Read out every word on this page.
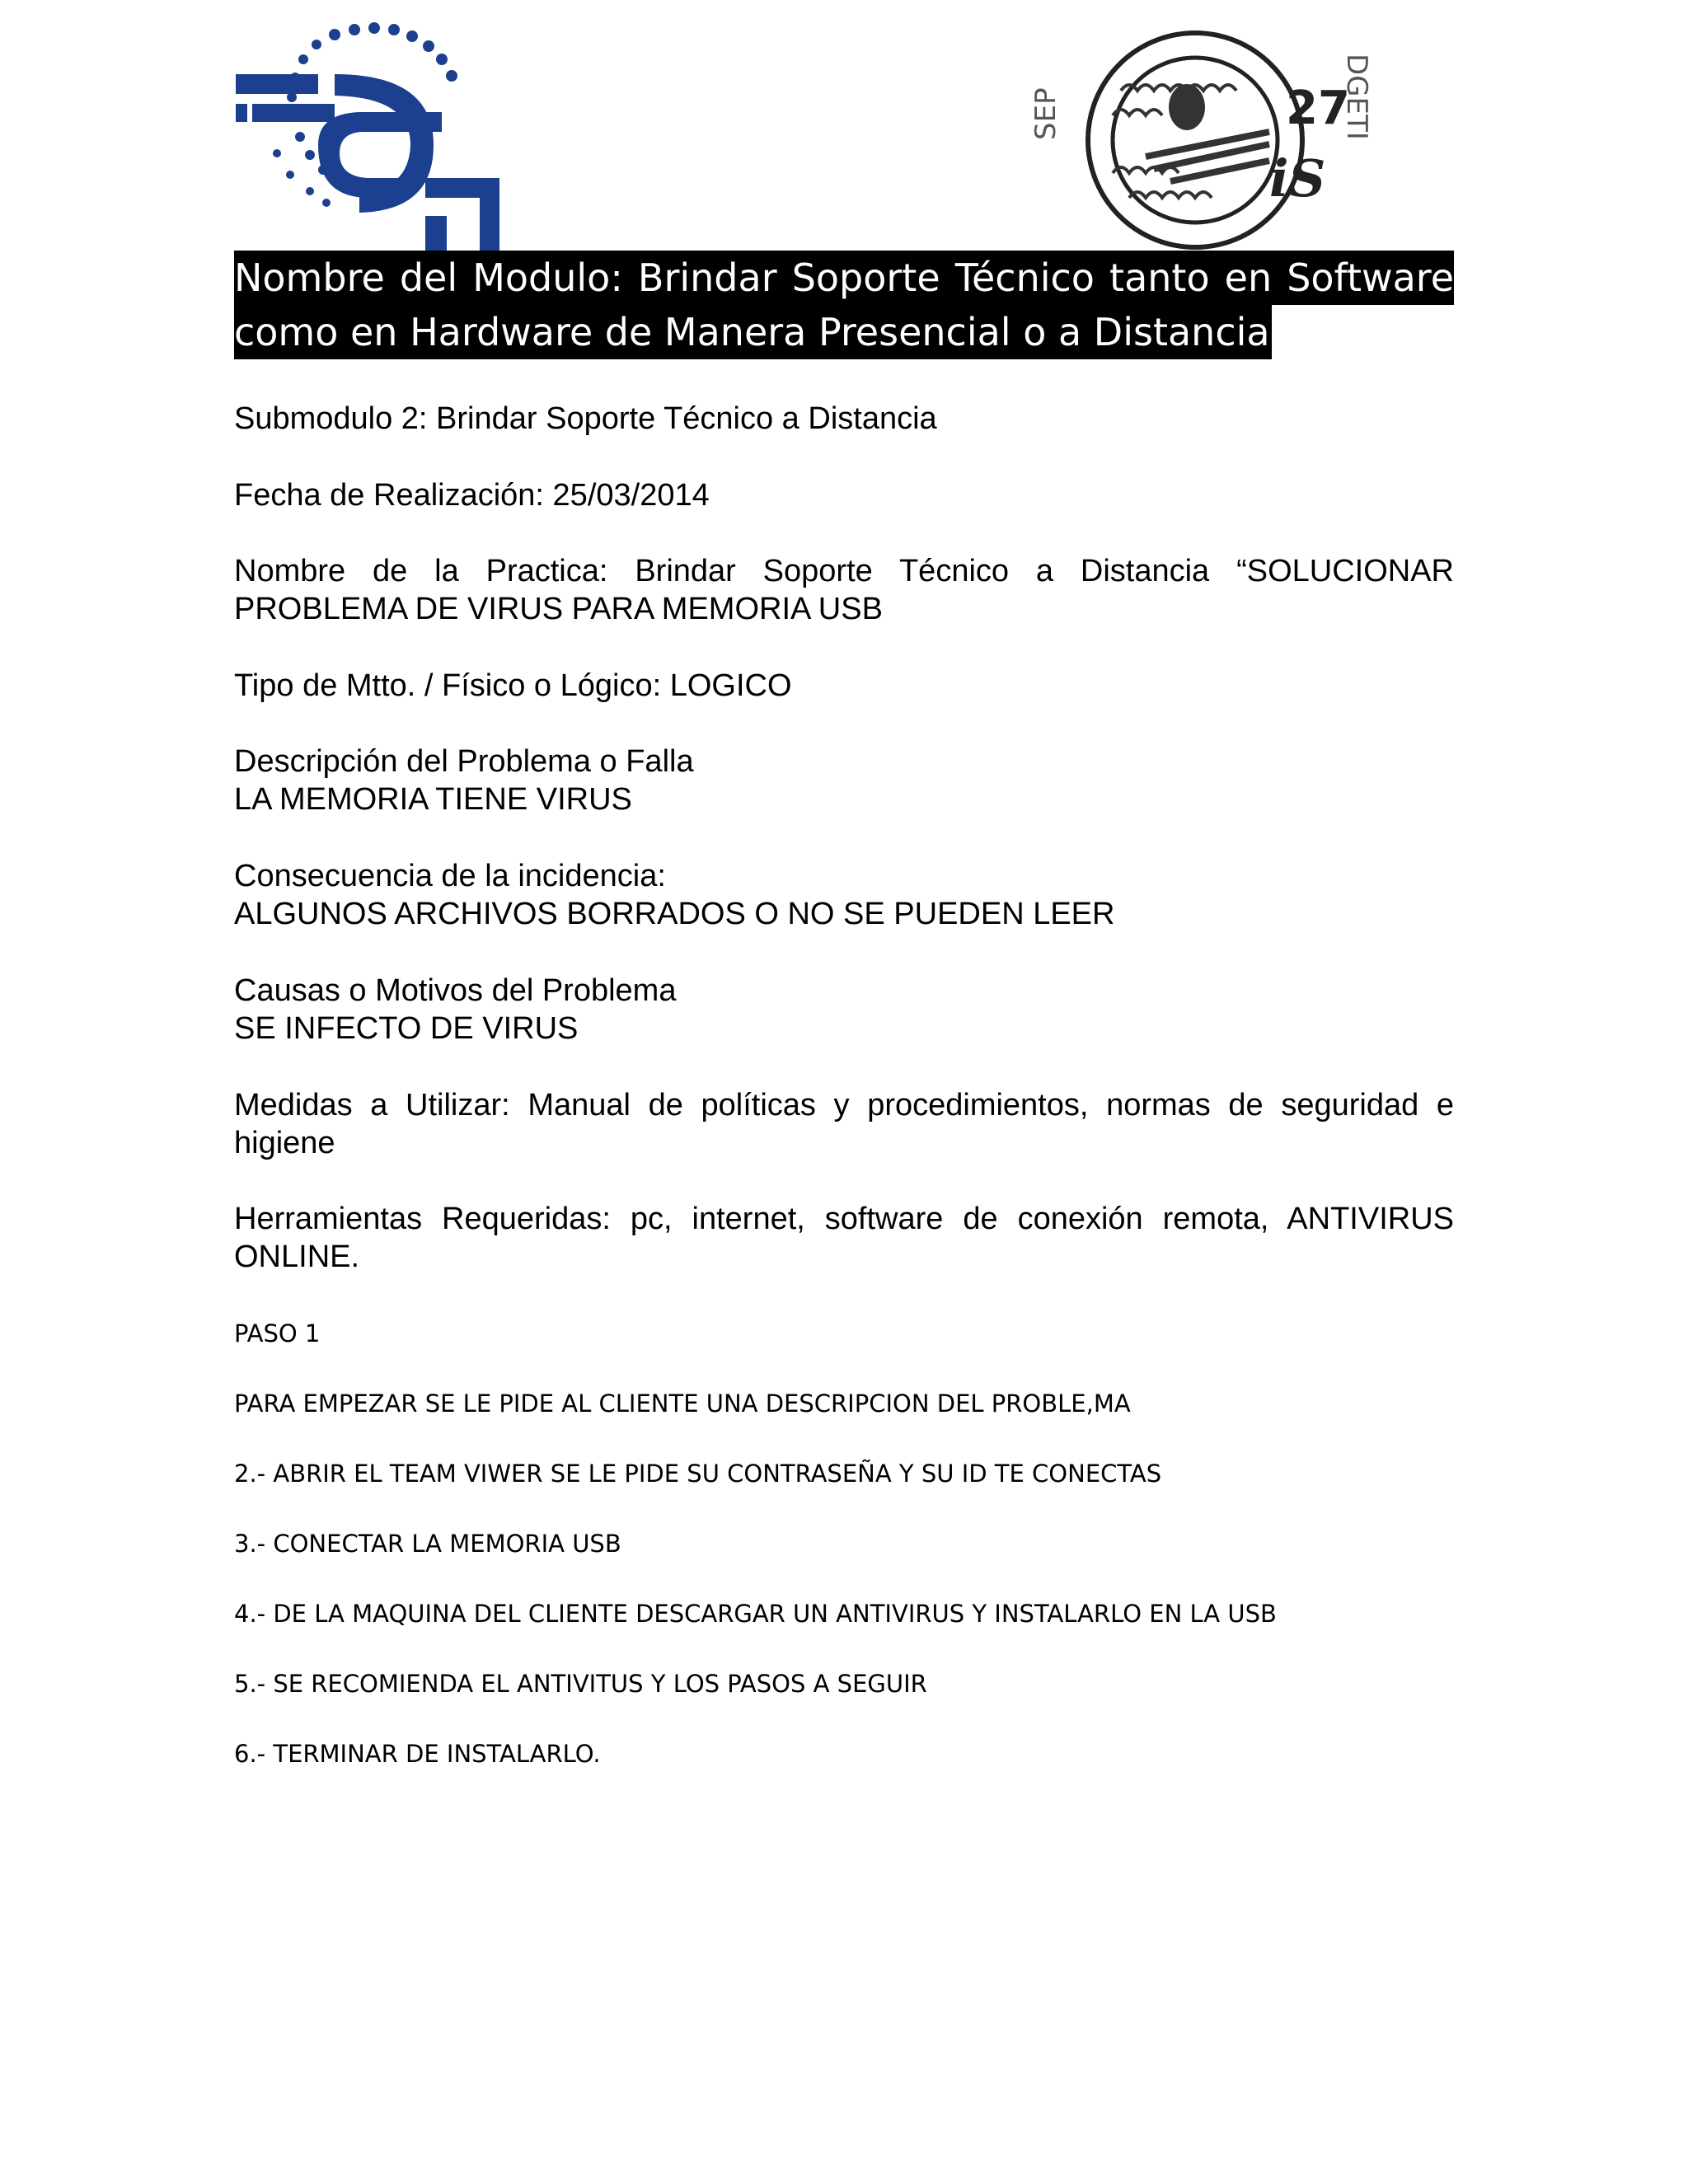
27
iS
SEP	DGETI
Nombre del Modulo: Brindar Soporte Técnico tanto en Software
como en Hardware de Manera Presencial o a Distancia
Submodulo 2: Brindar Soporte Técnico a Distancia
Fecha de Realización: 25/03/2014
Nombre de la Practica: Brindar Soporte Técnico a Distancia “SOLUCIONAR
PROBLEMA DE VIRUS PARA MEMORIA USB
Tipo de Mtto. / Físico o Lógico: LOGICO
Descripción del Problema o Falla
LA MEMORIA TIENE VIRUS
Consecuencia de la incidencia:
ALGUNOS ARCHIVOS BORRADOS O NO SE PUEDEN LEER
Causas o Motivos del Problema
SE INFECTO DE VIRUS
Medidas a Utilizar: Manual de políticas y procedimientos, normas de seguridad e
higiene
Herramientas Requeridas: pc, internet, software de conexión remota, ANTIVIRUS
ONLINE.
PASO 1
PARA EMPEZAR SE LE PIDE AL CLIENTE UNA DESCRIPCION DEL PROBLE,MA
2.- ABRIR EL TEAM VIWER SE LE PIDE SU CONTRASEÑA Y SU ID TE CONECTAS
3.- CONECTAR LA MEMORIA USB
4.- DE LA MAQUINA DEL CLIENTE DESCARGAR UN ANTIVIRUS Y INSTALARLO EN LA USB
5.- SE RECOMIENDA EL ANTIVITUS Y LOS PASOS A SEGUIR
6.- TERMINAR DE INSTALARLO.
